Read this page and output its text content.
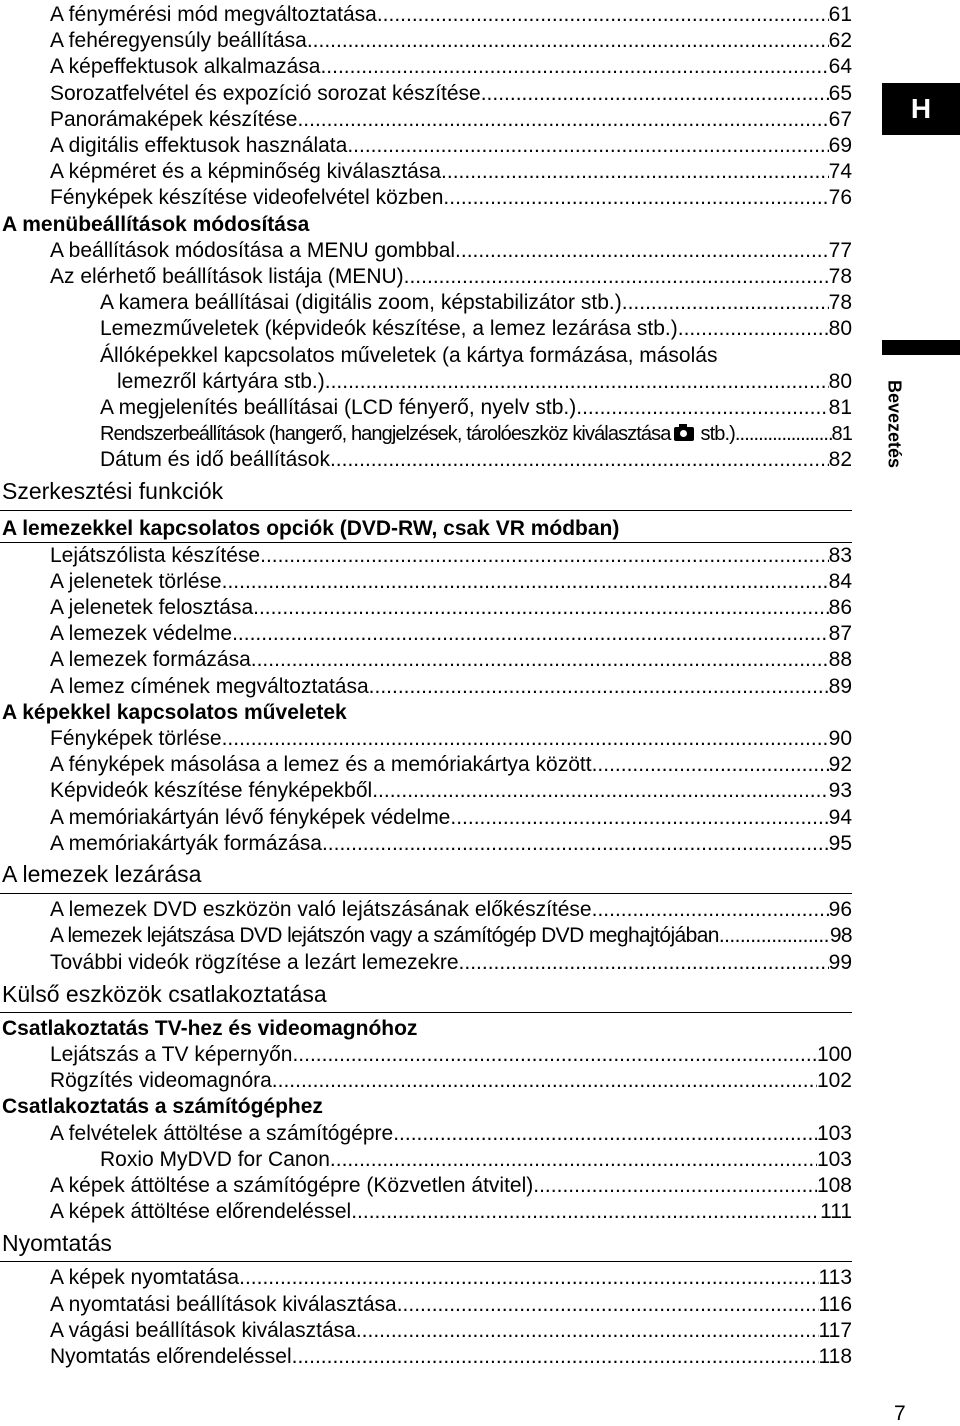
A fénymérési mód megváltoztatása .....	61
A fehéregyensúly beállítása .....	62
A képeffektusok alkalmazása .....	64
Sorozatfelvétel és expozíció sorozat készítése .....	65
Panorámaképek készítése .....	67
A digitális effektusok használata .....	69
A képméret és a képminőség kiválasztása .....	74
Fényképek készítése videofelvétel közben .....	76
A menübeállítások módosítása
A beállítások módosítása a MENU gombbal .....	77
Az elérhető beállítások listája (MENU) .....	78
A kamera beállításai (digitális zoom, képstabilizátor stb.) .....	78
Lemezműveletek (képvideók készítése, a lemez lezárása stb.) .....	80
Állóképekkel kapcsolatos műveletek (a kártya formázása, másolás
lemezről kártyára stb.) .....	80
A megjelenítés beállításai (LCD fényerő, nyelv stb.) .....	81
Rendszerbeállítások (hangerő, hangjelzések, tárolóeszköz kiválasztása stb.) .....	81
Dátum és idő beállítások .....	82
Szerkesztési funkciók
A lemezekkel kapcsolatos opciók (DVD-RW, csak VR módban)
Lejátszólista készítése .....	83
A jelenetek törlése .....	84
A jelenetek felosztása .....	86
A lemezek védelme .....	87
A lemezek formázása .....	88
A lemez címének megváltoztatása .....	89
A képekkel kapcsolatos műveletek
Fényképek törlése .....	90
A fényképek másolása a lemez és a memóriakártya között .....	92
Képvideók készítése fényképekből .....	93
A memóriakártyán lévő fényképek védelme .....	94
A memóriakártyák formázása .....	95
A lemezek lezárása
A lemezek DVD eszközön való lejátszásának előkészítése .....	96
A lemezek lejátszása DVD lejátszón vagy a számítógép DVD meghajtójában .....	98
További videók rögzítése a lezárt lemezekre .....	99
Külső eszközök csatlakoztatása
Csatlakoztatás TV-hez és videomagnóhoz
Lejátszás a TV képernyőn .....	100
Rögzítés videomagnóra .....	102
Csatlakoztatás a számítógéphez
A felvételek áttöltése a számítógépre .....	103
Roxio MyDVD for Canon .....	103
A képek áttöltése a számítógépre (Közvetlen átvitel) .....	108
A képek áttöltése előrendeléssel .....	111
Nyomtatás
A képek nyomtatása .....	113
A nyomtatási beállítások kiválasztása .....	116
A vágási beállítások kiválasztása .....	117
Nyomtatás előrendeléssel .....	118
H
Bevezetés
7
